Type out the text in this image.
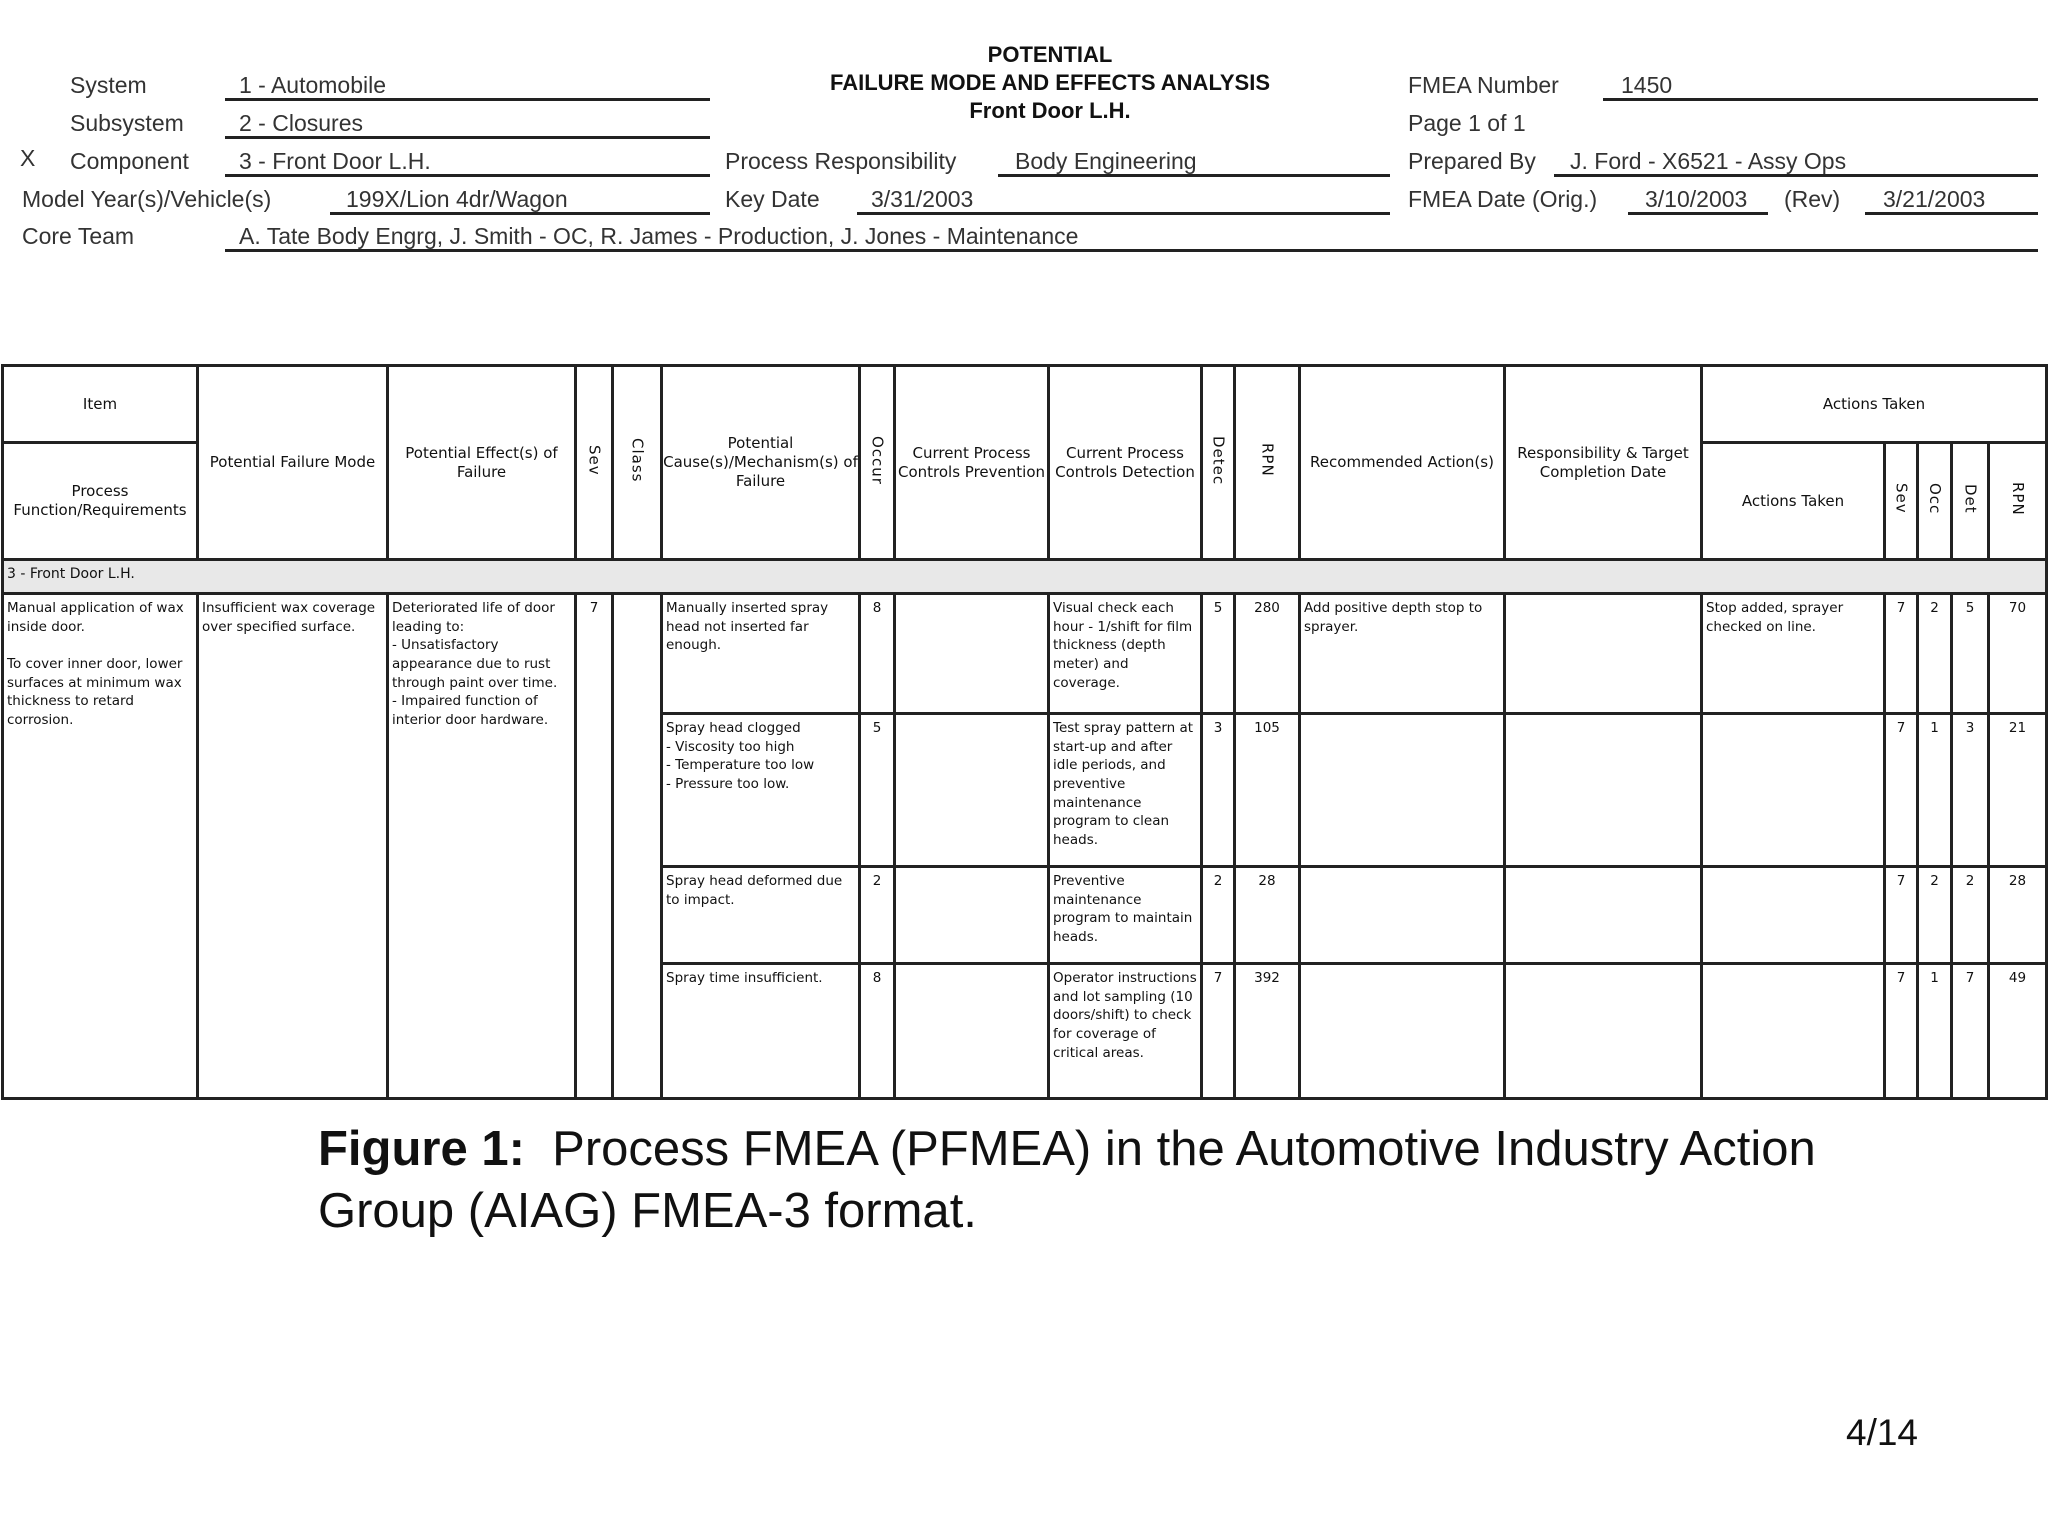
POTENTIAL
FAILURE MODE AND EFFECTS ANALYSIS
Front Door L.H.
System	1 - Automobile
Subsystem 2 - Closures
X Component 3 - Front Door L.H.
Model Year(s)/Vehicle(s)	199X/Lion 4dr/Wagon
Core Team	A. Tate Body Engrg, J. Smith - OC, R. James - Production, J. Jones - Maintenance
Process Responsibility	Body Engineering
Key Date 3/31/2003
FMEA Number	1450
Page 1 of 1
Prepared By J. Ford - X6521 - Assy Ops
FMEA Date (Orig.) 3/10/2003 (Rev) 3/21/2003
Item	Potential Failure Mode	Potential Effect(s) of Failure	Sev	Class	Potential Cause(s)/Mechanism(s) of Failure	Occur	Current Process Controls Prevention	Current Process Controls Detection	Detec	RPN	Recommended Action(s)	Responsibility & Target Completion Date	Actions Taken				
Process Function/Requirements													Actions Taken	Sev	Occ	Det	RPN
3 - Front Door L.H.																	
Manual application of wax inside door.

To cover inner door, lower surfaces at minimum wax thickness to retard corrosion.	Insufficient wax coverage over specified surface.	Deteriorated life of door leading to:
- Unsatisfactory appearance due to rust through paint over time.
- Impaired function of interior door hardware.	7		Manually inserted spray head not inserted far enough.	8		Visual check each hour - 1/shift for film thickness (depth meter) and coverage.	5	280	Add positive depth stop to sprayer.		Stop added, sprayer checked on line.	7	2	5	70
					Spray head clogged
- Viscosity too high
- Temperature too low
- Pressure too low.	5		Test spray pattern at start-up and after idle periods, and preventive maintenance program to clean heads.	3	105				7	1	3	21
					Spray head deformed due to impact.	2		Preventive maintenance program to maintain heads.	2	28				7	2	2	28
					Spray time insufficient.	8		Operator instructions and lot sampling (10 doors/shift) to check for coverage of critical areas.	7	392				7	1	7	49
Figure 1: Process FMEA (PFMEA) in the Automotive Industry Action Group (AIAG) FMEA-3 format.
4/14
